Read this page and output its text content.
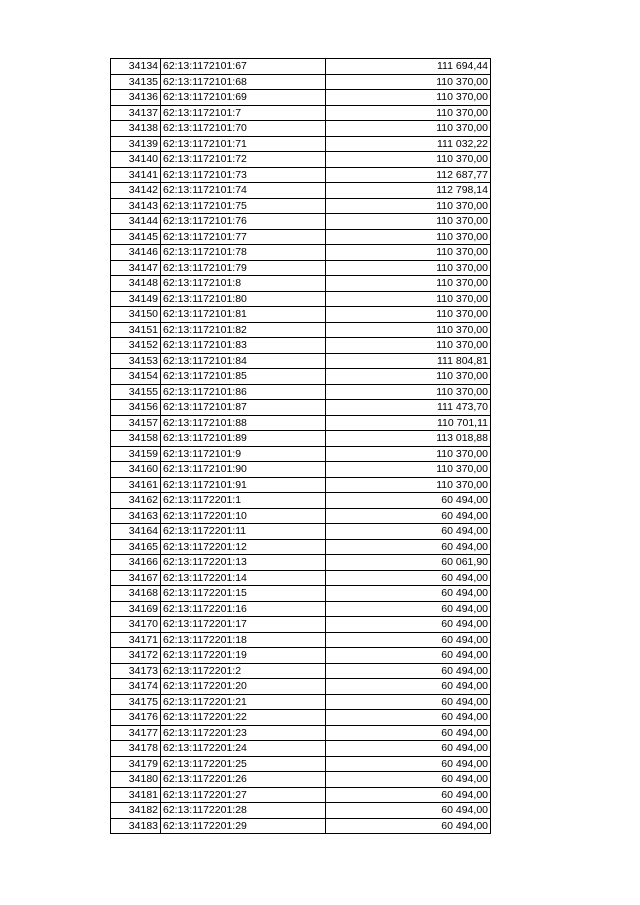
34134	62:13:1172101:67	111 694,44
34135	62:13:1172101:68	110 370,00
34136	62:13:1172101:69	110 370,00
34137	62:13:1172101:7	110 370,00
34138	62:13:1172101:70	110 370,00
34139	62:13:1172101:71	111 032,22
34140	62:13:1172101:72	110 370,00
34141	62:13:1172101:73	112 687,77
34142	62:13:1172101:74	112 798,14
34143	62:13:1172101:75	110 370,00
34144	62:13:1172101:76	110 370,00
34145	62:13:1172101:77	110 370,00
34146	62:13:1172101:78	110 370,00
34147	62:13:1172101:79	110 370,00
34148	62:13:1172101:8	110 370,00
34149	62:13:1172101:80	110 370,00
34150	62:13:1172101:81	110 370,00
34151	62:13:1172101:82	110 370,00
34152	62:13:1172101:83	110 370,00
34153	62:13:1172101:84	111 804,81
34154	62:13:1172101:85	110 370,00
34155	62:13:1172101:86	110 370,00
34156	62:13:1172101:87	111 473,70
34157	62:13:1172101:88	110 701,11
34158	62:13:1172101:89	113 018,88
34159	62:13:1172101:9	110 370,00
34160	62:13:1172101:90	110 370,00
34161	62:13:1172101:91	110 370,00
34162	62:13:1172201:1	60 494,00
34163	62:13:1172201:10	60 494,00
34164	62:13:1172201:11	60 494,00
34165	62:13:1172201:12	60 494,00
34166	62:13:1172201:13	60 061,90
34167	62:13:1172201:14	60 494,00
34168	62:13:1172201:15	60 494,00
34169	62:13:1172201:16	60 494,00
34170	62:13:1172201:17	60 494,00
34171	62:13:1172201:18	60 494,00
34172	62:13:1172201:19	60 494,00
34173	62:13:1172201:2	60 494,00
34174	62:13:1172201:20	60 494,00
34175	62:13:1172201:21	60 494,00
34176	62:13:1172201:22	60 494,00
34177	62:13:1172201:23	60 494,00
34178	62:13:1172201:24	60 494,00
34179	62:13:1172201:25	60 494,00
34180	62:13:1172201:26	60 494,00
34181	62:13:1172201:27	60 494,00
34182	62:13:1172201:28	60 494,00
34183	62:13:1172201:29	60 494,00
